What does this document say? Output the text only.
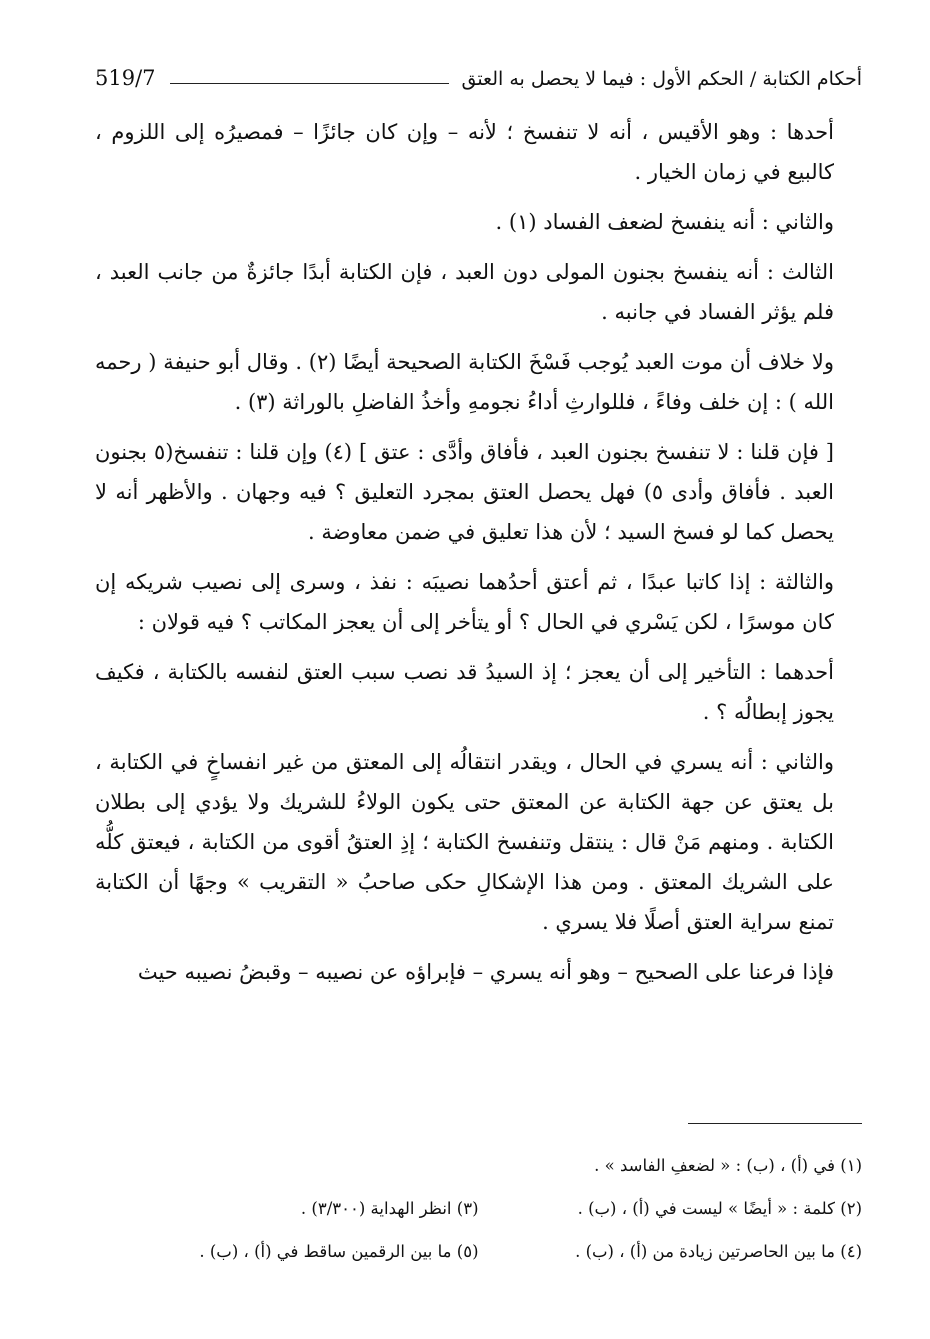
519/7	أحكام الكتابة / الحكم الأول : فيما لا يحصل به العتق

أحدها : وهو الأقيس ، أنه لا تنفسخ ؛ لأنه – وإن كان جائزًا – فمصيرُه إلى اللزوم ، كالبيع في زمان الخيار .

والثاني : أنه ينفسخ لضعف الفساد (١) .

الثالث : أنه ينفسخ بجنون المولى دون العبد ، فإن الكتابة أبدًا جائزةٌ من جانب العبد ، فلم يؤثر الفساد في جانبه .

ولا خلاف أن موت العبد يُوجب فَسْخَ الكتابة الصحيحة أيضًا (٢) . وقال أبو حنيفة ( رحمه الله ) : إن خلف وفاءً ، فللوارثِ أداءُ نجومهِ وأخذُ الفاضلِ بالوراثة (٣) .

[ فإن قلنا : لا تنفسخ بجنون العبد ، فأفاق وأدَّى : عتق ] (٤) وإن قلنا : تنفسخ(٥ بجنون العبد . فأفاق وأدى ٥) فهل يحصل العتق بمجرد التعليق ؟ فيه وجهان . والأظهر أنه لا يحصل كما لو فسخ السيد ؛ لأن هذا تعليق في ضمن معاوضة .

والثالثة : إذا كاتبا عبدًا ، ثم أعتق أحدُهما نصيبَه : نفذ ، وسرى إلى نصيب شريكه إن كان موسرًا ، لكن يَسْري في الحال ؟ أو يتأخر إلى أن يعجز المكاتب ؟ فيه قولان :

أحدهما : التأخير إلى أن يعجز ؛ إذ السيدُ قد نصب سبب العتق لنفسه بالكتابة ، فكيف يجوز إبطالُه ؟ .

والثاني : أنه يسري في الحال ، ويقدر انتقالُه إلى المعتق من غير انفساخٍ في الكتابة ، بل يعتق عن جهة الكتابة عن المعتق حتى يكون الولاءُ للشريك ولا يؤدي إلى بطلان الكتابة . ومنهم مَنْ قال : ينتقل وتنفسخ الكتابة ؛ إذِ العتقُ أقوى من الكتابة ، فيعتق كلُّه على الشريك المعتق . ومن هذا الإشكالِ حكى صاحبُ « التقريب » وجهًا أن الكتابة تمنع سراية العتق أصلًا فلا يسري .

فإذا فرعنا على الصحيح – وهو أنه يسري – فإبراؤه عن نصيبه – وقبضُ نصيبه حيث

(١) في (أ) ، (ب) : « لضعفِ الفاسد » .
(٢) كلمة : « أيضًا » ليست في (أ) ، (ب) .
(٣) انظر الهداية (٣/٣٠٠) .
(٤) ما بين الحاصرتين زيادة من (أ) ، (ب) .
(٥) ما بين الرقمين ساقط في (أ) ، (ب) .
